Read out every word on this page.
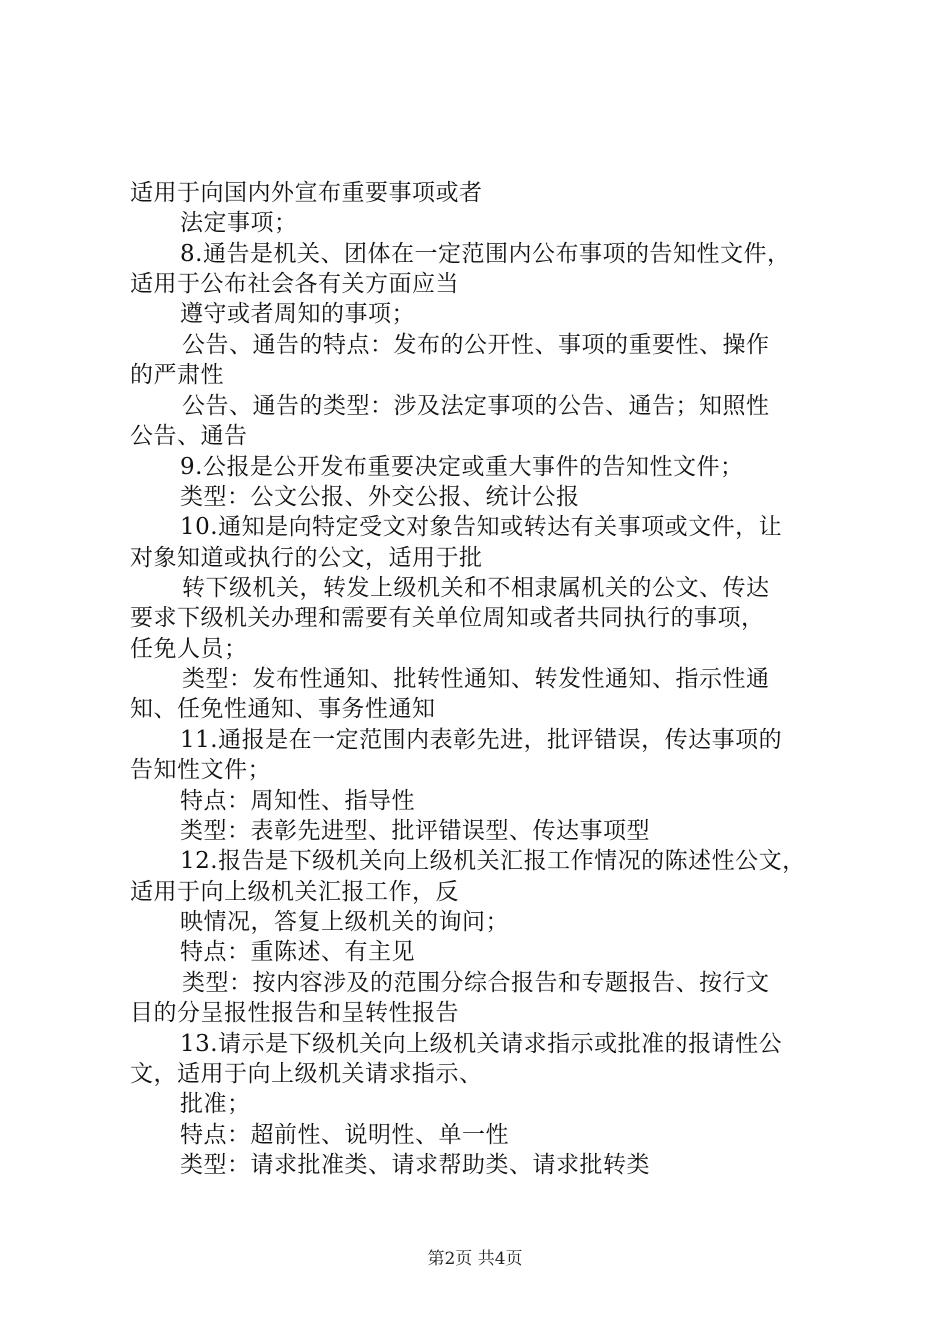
适用于向国内外宣布重要事项或者
法定事项；
8.通告是机关、团体在一定范围内公布事项的告知性文件，
适用于公布社会各有关方面应当
遵守或者周知的事项；
公告、通告的特点：发布的公开性、事项的重要性、操作
的严肃性
公告、通告的类型：涉及法定事项的公告、通告；知照性
公告、通告
9.公报是公开发布重要决定或重大事件的告知性文件；
类型：公文公报、外交公报、统计公报
10.通知是向特定受文对象告知或转达有关事项或文件，让
对象知道或执行的公文，适用于批
转下级机关，转发上级机关和不相隶属机关的公文、传达
要求下级机关办理和需要有关单位周知或者共同执行的事项，
任免人员；
类型：发布性通知、批转性通知、转发性通知、指示性通
知、任免性通知、事务性通知
11.通报是在一定范围内表彰先进，批评错误，传达事项的
告知性文件；
特点：周知性、指导性
类型：表彰先进型、批评错误型、传达事项型
12.报告是下级机关向上级机关汇报工作情况的陈述性公文，
适用于向上级机关汇报工作，反
映情况，答复上级机关的询问；
特点：重陈述、有主见
类型：按内容涉及的范围分综合报告和专题报告、按行文
目的分呈报性报告和呈转性报告
13.请示是下级机关向上级机关请求指示或批准的报请性公
文，适用于向上级机关请求指示、
批准；
特点：超前性、说明性、单一性
类型：请求批准类、请求帮助类、请求批转类
第2页 共4页
